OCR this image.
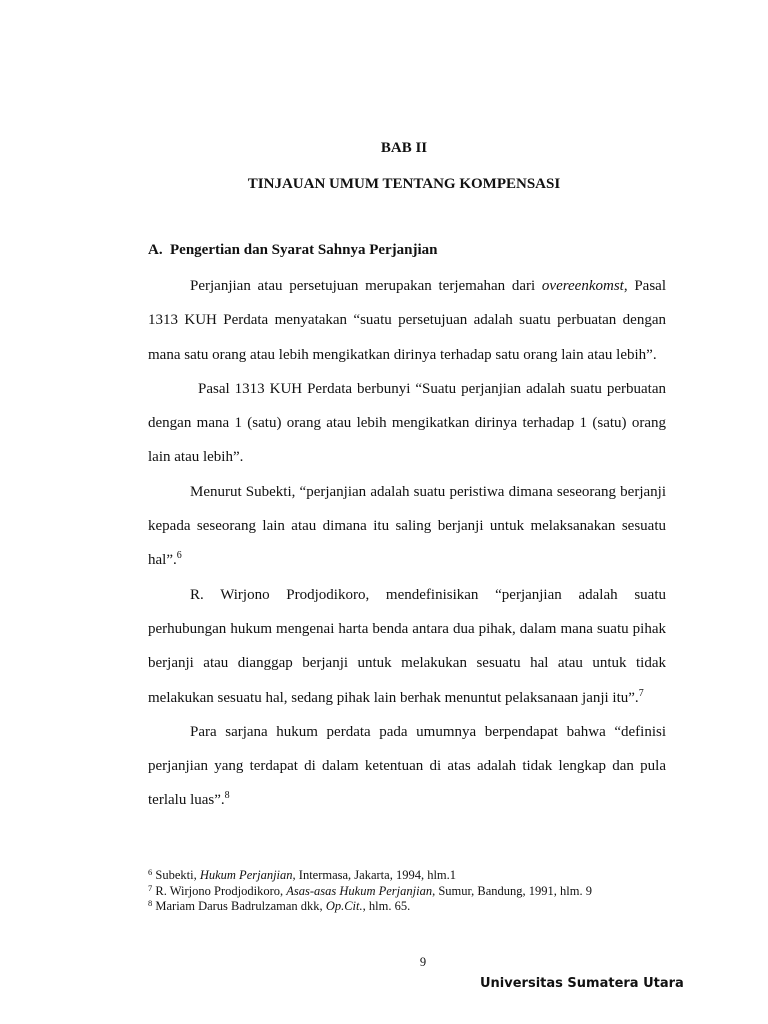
BAB II
TINJAUAN UMUM TENTANG KOMPENSASI
A. Pengertian dan Syarat Sahnya Perjanjian

Perjanjian atau persetujuan merupakan terjemahan dari overeenkomst, Pasal 1313 KUH Perdata menyatakan “suatu persetujuan adalah suatu perbuatan dengan mana satu orang atau lebih mengikatkan dirinya terhadap satu orang lain atau lebih”.

Pasal 1313 KUH Perdata berbunyi “Suatu perjanjian adalah suatu perbuatan dengan mana 1 (satu) orang atau lebih mengikatkan dirinya terhadap 1 (satu) orang lain atau lebih”.

Menurut Subekti, “perjanjian adalah suatu peristiwa dimana seseorang berjanji kepada seseorang lain atau dimana itu saling berjanji untuk melaksanakan sesuatu hal”.$^6$

R. Wirjono Prodjodikoro, mendefinisikan “perjanjian adalah suatu perhubungan hukum mengenai harta benda antara dua pihak, dalam mana suatu pihak berjanji atau dianggap berjanji untuk melakukan sesuatu hal atau untuk tidak melakukan sesuatu hal, sedang pihak lain berhak menuntut pelaksanaan janji itu”.$^7$

Para sarjana hukum perdata pada umumnya berpendapat bahwa “definisi perjanjian yang terdapat di dalam ketentuan di atas adalah tidak lengkap dan pula terlalu luas”.$^8$

$^6$ Subekti, Hukum Perjanjian, Intermasa, Jakarta, 1994, hlm.1
$^7$ R. Wirjono Prodjodikoro, Asas-asas Hukum Perjanjian, Sumur, Bandung, 1991, hlm. 9
$^8$ Mariam Darus Badrulzaman dkk, Op.Cit., hlm. 65.
9
Universitas Sumatera Utara
